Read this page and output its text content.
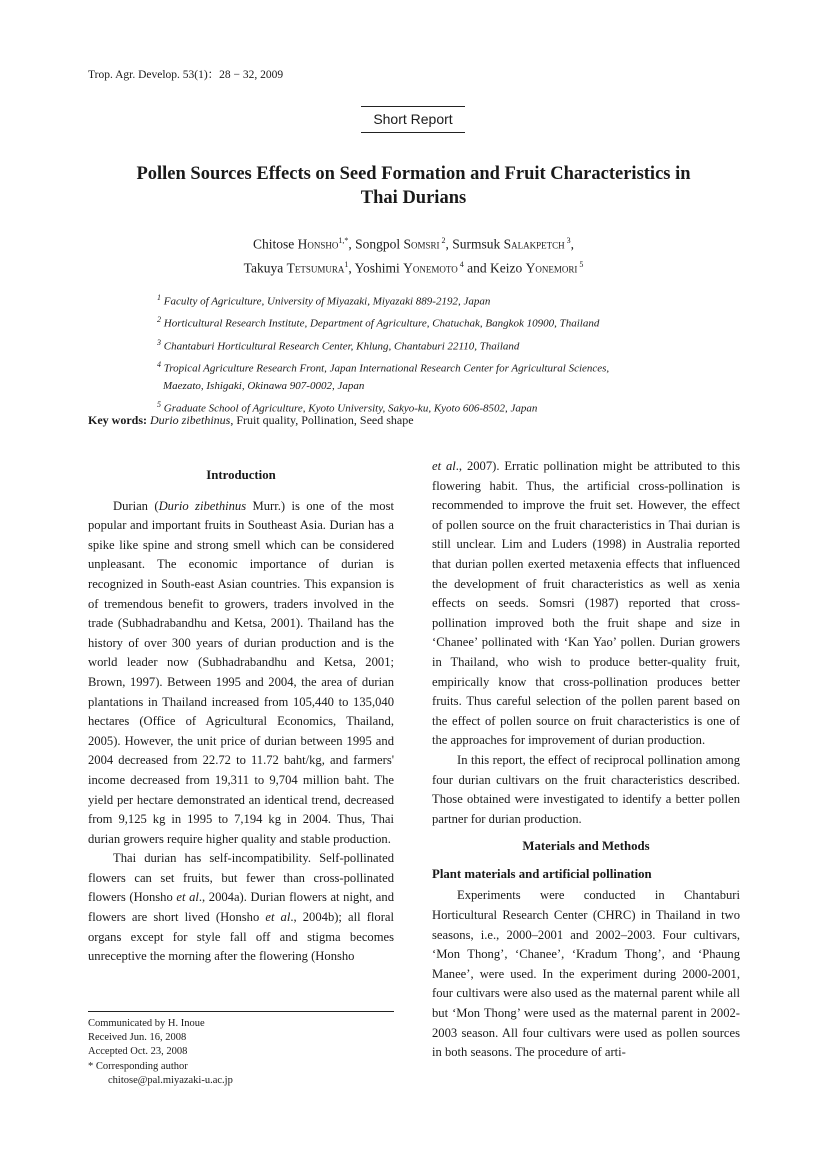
Trop. Agr. Develop. 53(1)：28 − 32, 2009
Short Report
Pollen Sources Effects on Seed Formation and Fruit Characteristics in
Thai Durians
Chitose Honsho$^{1,*}$, Songpol Somsri $^2$, Surmsuk Salakpetch $^3$,
Takuya Tetsumura$^1$, Yoshimi Yonemoto $^4$ and Keizo Yonemori $^5$
$^1$ Faculty of Agriculture, University of Miyazaki, Miyazaki 889-2192, Japan
$^2$ Horticultural Research Institute, Department of Agriculture, Chatuchak, Bangkok 10900, Thailand
$^3$ Chantaburi Horticultural Research Center, Khlung, Chantaburi 22110, Thailand
$^4$ Tropical Agriculture Research Front, Japan International Research Center for Agricultural Sciences,
Maezato, Ishigaki, Okinawa 907-0002, Japan
$^5$ Graduate School of Agriculture, Kyoto University, Sakyo-ku, Kyoto 606-8502, Japan
Key words: Durio zibethinus, Fruit quality, Pollination, Seed shape

Introduction

Durian (Durio zibethinus Murr.) is one of the most popular and important fruits in Southeast Asia. Durian has a spike like spine and strong smell which can be considered unpleasant. The economic importance of durian is recognized in South-east Asian countries. This expansion is of tremendous benefit to growers, traders involved in the trade (Subhadrabandhu and Ketsa, 2001). Thailand has the history of over 300 years of durian production and is the world leader now (Subhadrabandhu and Ketsa, 2001; Brown, 1997). Between 1995 and 2004, the area of durian plantations in Thailand increased from 105,440 to 135,040 hectares (Office of Agricultural Economics, Thailand, 2005). However, the unit price of durian between 1995 and 2004 decreased from 22.72 to 11.72 baht/kg, and farmers' income decreased from 19,311 to 9,704 million baht. The yield per hectare demonstrated an identical trend, decreased from 9,125 kg in 1995 to 7,194 kg in 2004. Thus, Thai durian growers require higher quality and stable production.

Thai durian has self-incompatibility. Self-pollinated flowers can set fruits, but fewer than cross-pollinated flowers (Honsho et al., 2004a). Durian flowers at night, and flowers are short lived (Honsho et al., 2004b); all floral organs except for style fall off and stigma becomes unreceptive the morning after the flowering (Honsho

et al., 2007). Erratic pollination might be attributed to this flowering habit. Thus, the artificial cross-pollination is recommended to improve the fruit set. However, the effect of pollen source on the fruit characteristics in Thai durian is still unclear. Lim and Luders (1998) in Australia reported that durian pollen exerted metaxenia effects that influenced the development of fruit characteristics as well as xenia effects on seeds. Somsri (1987) reported that cross-pollination improved both the fruit shape and size in ‘Chanee’ pollinated with ‘Kan Yao’ pollen. Durian growers in Thailand, who wish to produce better-quality fruit, empirically know that cross-pollination produces better fruits. Thus careful selection of the pollen parent based on the effect of pollen source on fruit characteristics is one of the approaches for improvement of durian production.

In this report, the effect of reciprocal pollination among four durian cultivars on the fruit characteristics described. Those obtained were investigated to identify a better pollen partner for durian production.

Materials and Methods

Plant materials and artificial pollination

Experiments were conducted in Chantaburi Horticultural Research Center (CHRC) in Thailand in two seasons, i.e., 2000–2001 and 2002–2003. Four cultivars, ‘Mon Thong’, ‘Chanee’, ‘Kradum Thong’, and ‘Phaung Manee’, were used. In the experiment during 2000-2001, four cultivars were also used as the maternal parent while all but ‘Mon Thong’ were used as the maternal parent in 2002-2003 season. All four cultivars were used as pollen sources in both seasons. The procedure of arti-

Communicated by H. Inoue
Received Jun. 16, 2008
Accepted Oct. 23, 2008
* Corresponding author
chitose@pal.miyazaki-u.ac.jp
